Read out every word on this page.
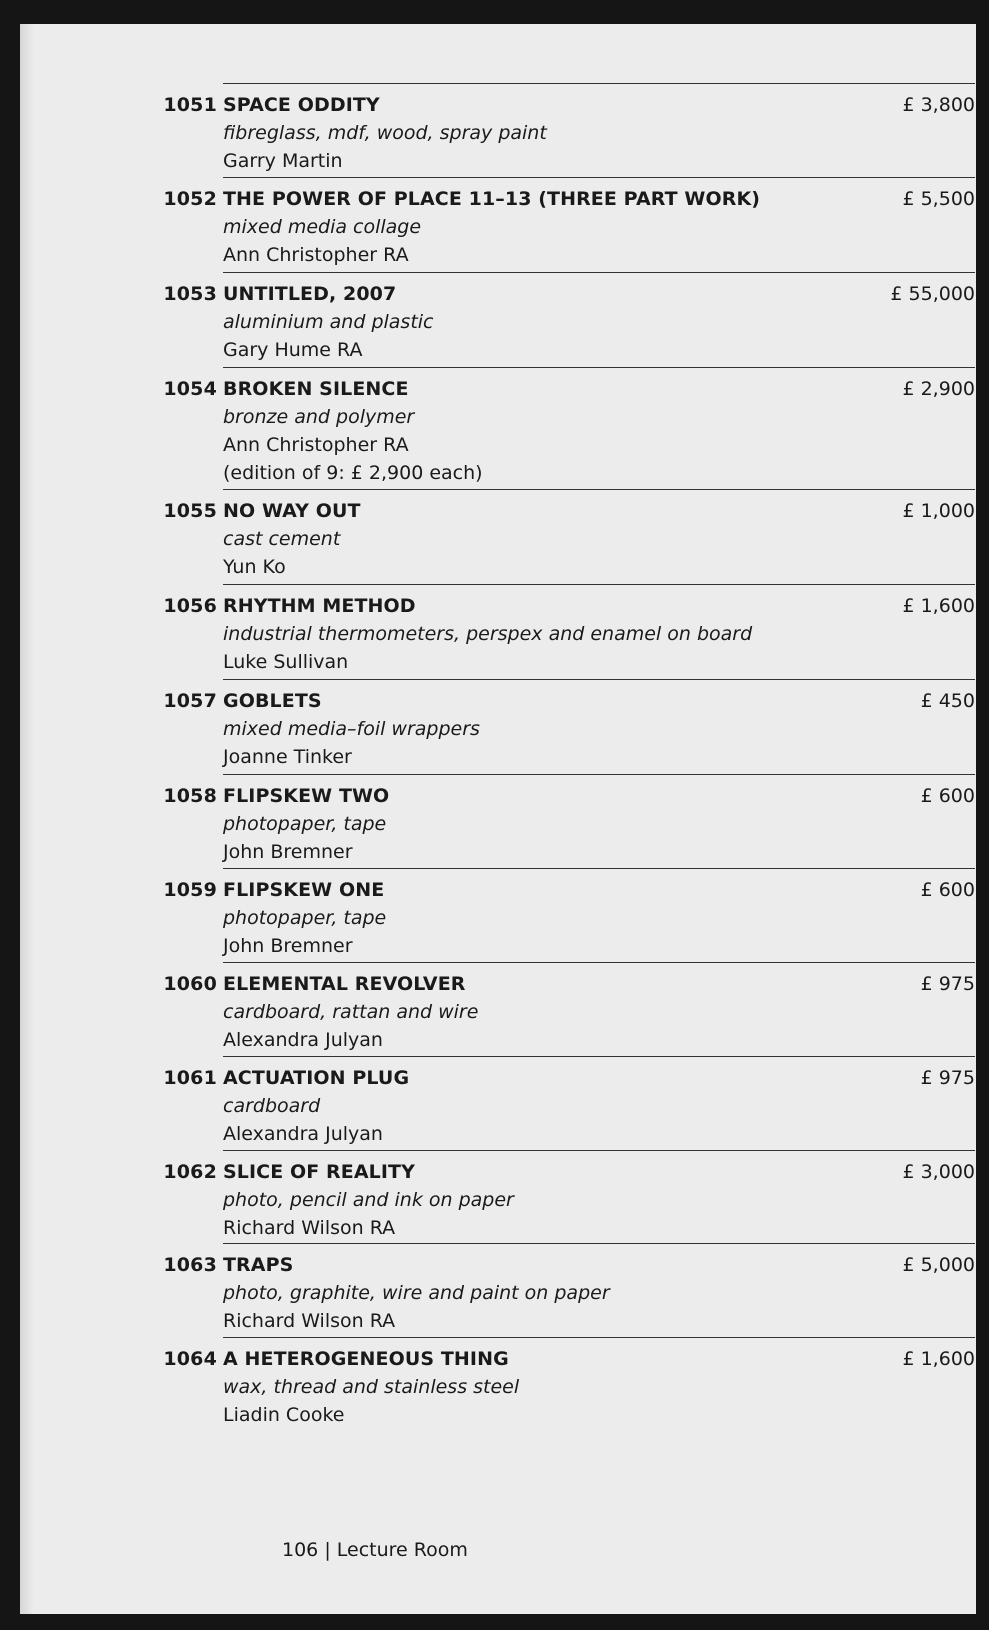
1051 SPACE ODDITY
fibreglass, mdf, wood, spray paint
Garry Martin
£ 3,800
1052 THE POWER OF PLACE 11–13 (THREE PART WORK)
mixed media collage
Ann Christopher RA
£ 5,500
1053 UNTITLED, 2007
aluminium and plastic
Gary Hume RA
£ 55,000
1054 BROKEN SILENCE
bronze and polymer
Ann Christopher RA
(edition of 9: £ 2,900 each)
£ 2,900
1055 NO WAY OUT
cast cement
Yun Ko
£ 1,000
1056 RHYTHM METHOD
industrial thermometers, perspex and enamel on board
Luke Sullivan
£ 1,600
1057 GOBLETS
mixed media–foil wrappers
Joanne Tinker
£ 450
1058 FLIPSKEW TWO
photopaper, tape
John Bremner
£ 600
1059 FLIPSKEW ONE
photopaper, tape
John Bremner
£ 600
1060 ELEMENTAL REVOLVER
cardboard, rattan and wire
Alexandra Julyan
£ 975
1061 ACTUATION PLUG
cardboard
Alexandra Julyan
£ 975
1062 SLICE OF REALITY
photo, pencil and ink on paper
Richard Wilson RA
£ 3,000
1063 TRAPS
photo, graphite, wire and paint on paper
Richard Wilson RA
£ 5,000
1064 A HETEROGENEOUS THING
wax, thread and stainless steel
Liadin Cooke
£ 1,600
106 | Lecture Room
